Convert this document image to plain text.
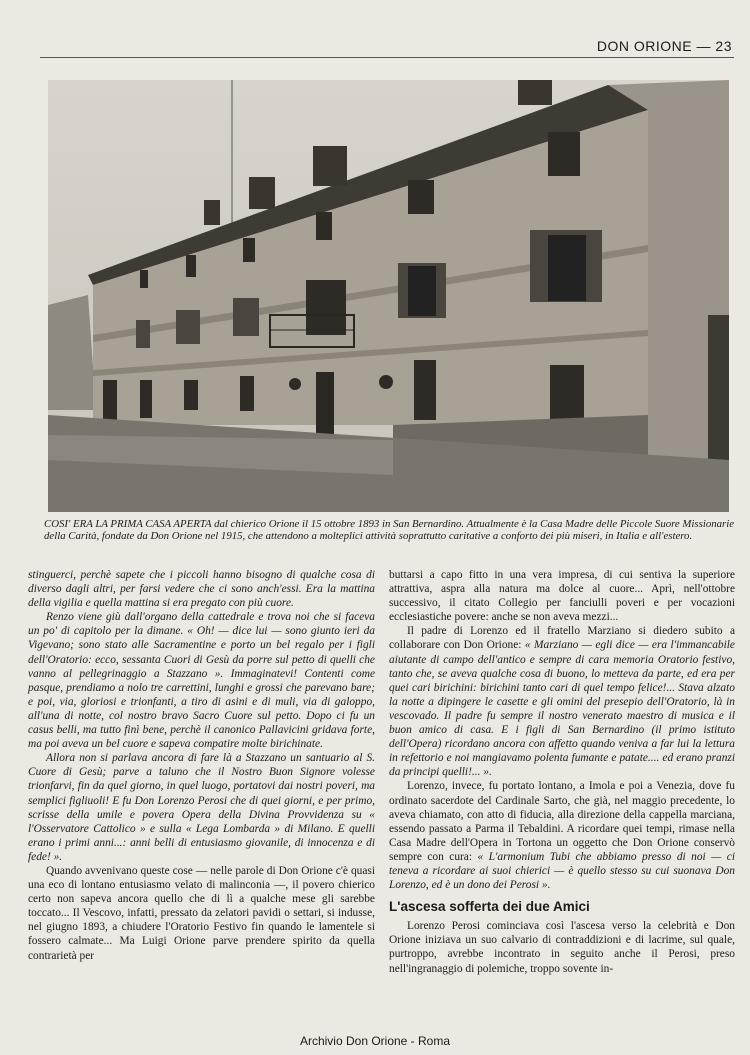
DON ORIONE — 23
COSI' ERA LA PRIMA CASA APERTA dal chierico Orione il 15 ottobre 1893 in San Bernardino. Attualmente è la Casa Madre delle Piccole Suore Missionarie della Carità, fondate da Don Orione nel 1915, che attendono a molteplici attività soprattutto caritative a conforto dei più miseri, in Italia e all'estero.

stinguerci, perchè sapete che i piccoli hanno bisogno di qualche cosa di diverso dagli altri, per farsi vedere che ci sono anch'essi. Era la mattina della vigilia e quella mattina si era pregato con più cuore.

Renzo viene giù dall'organo della cattedrale e trova noi che si faceva un po' di capitolo per la dimane. « Oh! — dice lui — sono giunto ieri da Vigevano; sono stato alle Sacramentine e porto un bel regalo per i figli dell'Oratorio: ecco, sessanta Cuori di Gesù da porre sul petto di quelli che vanno al pellegrinaggio a Stazzano ». Immaginatevi! Contenti come pasque, prendiamo a nolo tre carrettini, lunghi e grossi che parevano bare; e poi, via, gloriosi e trionfanti, a tiro di asini e di muli, via di galoppo, all'una di notte, col nostro bravo Sacro Cuore sul petto. Dopo ci fu un casus belli, ma tutto finì bene, perchè il canonico Pallavicini gridava forte, ma poi aveva un bel cuore e sapeva compatire molte birichinate.

Allora non si parlava ancora di fare là a Stazzano un santuario al S. Cuore di Gesù; parve a taluno che il Nostro Buon Signore volesse trionfarvi, fin da quel giorno, in quel luogo, portatovi dai nostri poveri, ma semplici figliuoli! E fu Don Lorenzo Perosi che di quei giorni, e per primo, scrisse della umile e povera Opera della Divina Provvidenza su « l'Osservatore Cattolico » e sulla « Lega Lombarda » di Milano. E quelli erano i primi anni...: anni belli di entusiasmo giovanile, di innocenza e di fede! ».

Quando avvenivano queste cose — nelle parole di Don Orione c'è quasi una eco di lontano entusiasmo velato di malinconia —, il povero chierico certo non sapeva ancora quello che di lì a qualche mese gli sarebbe toccato... Il Vescovo, infatti, pressato da zelatori pavidi o settari, si indusse, nel giugno 1893, a chiudere l'Oratorio Festivo fin quando le lamentele si fossero calmate... Ma Luigi Orione parve prendere spirito da quella contrarietà per

buttarsi a capo fitto in una vera impresa, di cui sentiva la superiore attrattiva, aspra alla natura ma dolce al cuore... Aprì, nell'ottobre successivo, il citato Collegio per fanciulli poveri e per vocazioni ecclesiastiche povere: anche se non aveva mezzi...

Il padre di Lorenzo ed il fratello Marziano si diedero subito a collaborare con Don Orione: « Marziano — egli dice — era l'immancabile aiutante di campo dell'antico e sempre di cara memoria Oratorio festivo, tanto che, se aveva qualche cosa di buono, lo metteva da parte, ed era per quei cari birichini: birichini tanto cari di quel tempo felice!... Stava alzato la notte a dipingere le casette e gli omini del presepio dell'Oratorio, là in vescovado. Il padre fu sempre il nostro venerato maestro di musica e il buon amico di casa. E i figli di San Bernardino (il primo istituto dell'Opera) ricordano ancora con affetto quando veniva a far lui la lettura in refettorio e noi mangiavamo polenta fumante e patate.... ed erano pranzi da principi quelli!... ».

Lorenzo, invece, fu portato lontano, a Imola e poi a Venezia, dove fu ordinato sacerdote del Cardinale Sarto, che già, nel maggio precedente, lo aveva chiamato, con atto di fiducia, alla direzione della cappella marciana, essendo passato a Parma il Tebaldini. A ricordare quei tempi, rimase nella Casa Madre dell'Opera in Tortona un oggetto che Don Orione conservò sempre con cura: « L'armonium Tubi che abbiamo presso di noi — ci teneva a ricordare ai suoi chierici — è quello stesso su cui suonava Don Lorenzo, ed è un dono dei Perosi ».

L'ascesa sofferta dei due Amici

Lorenzo Perosi cominciava così l'ascesa verso la celebrità e Don Orione iniziava un suo calvario di contraddizioni e di lacrime, sul quale, purtroppo, avrebbe incontrato in seguito anche il Perosi, preso nell'ingranaggio di polemiche, troppo sovente in-

Archivio Don Orione - Roma
